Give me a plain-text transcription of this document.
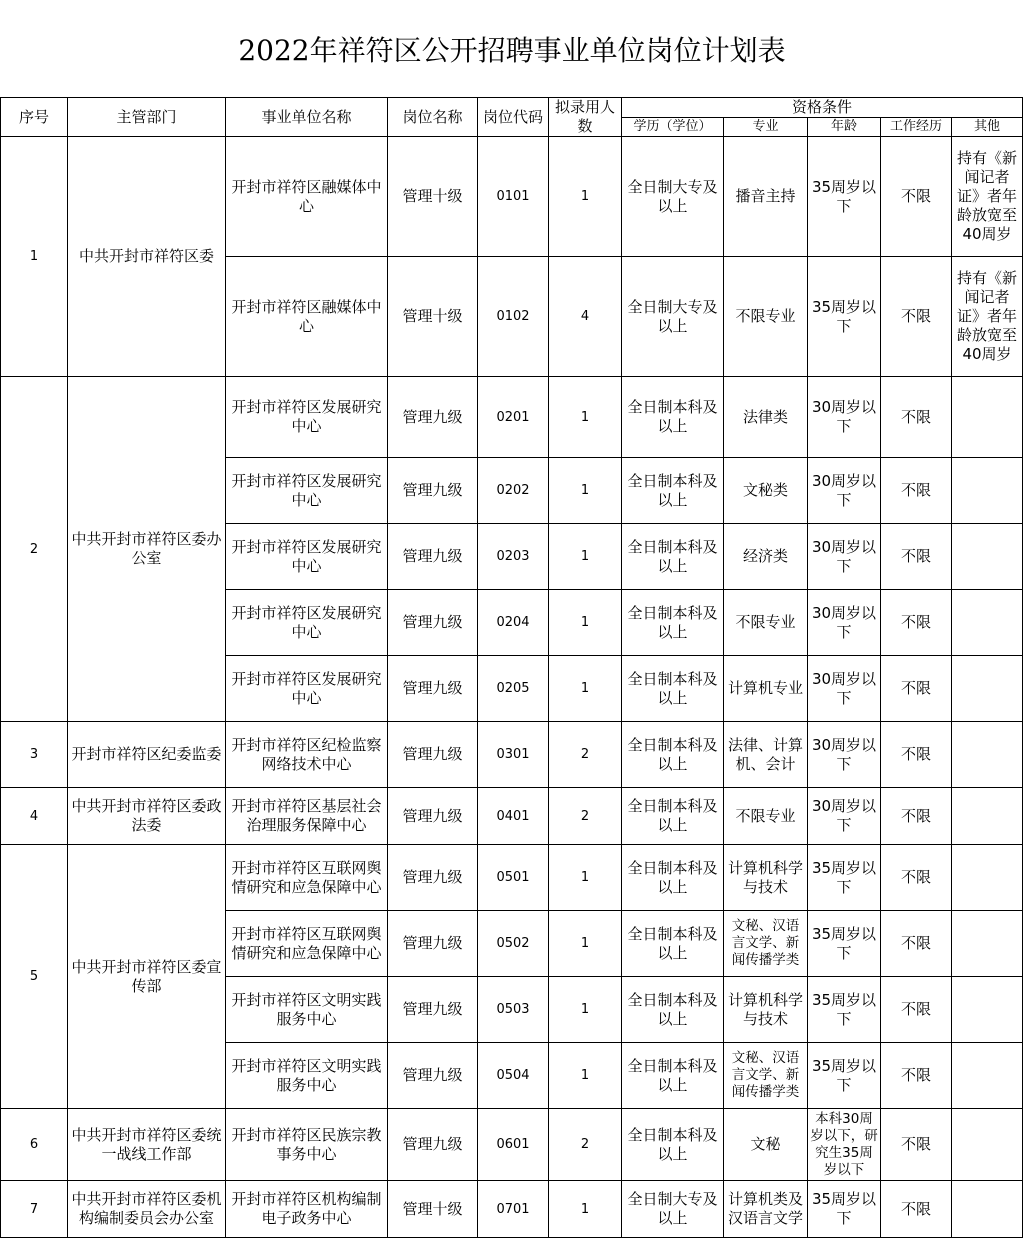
2022年祥符区公开招聘事业单位岗位计划表
序号	主管部门	事业单位名称	岗位名称	岗位代码	拟录用人数	资格条件				
						学历（学位）	专业	年龄	工作经历	其他
1	中共开封市祥符区委	开封市祥符区融媒体中心	管理十级	0101	1	全日制大专及以上	播音主持	35周岁以下	不限	持有《新闻记者证》者年龄放宽至40周岁
		开封市祥符区融媒体中心	管理十级	0102	4	全日制大专及以上	不限专业	35周岁以下	不限	持有《新闻记者证》者年龄放宽至40周岁
2	中共开封市祥符区委办公室	开封市祥符区发展研究中心	管理九级	0201	1	全日制本科及以上	法律类	30周岁以下	不限	
		开封市祥符区发展研究中心	管理九级	0202	1	全日制本科及以上	文秘类	30周岁以下	不限	
		开封市祥符区发展研究中心	管理九级	0203	1	全日制本科及以上	经济类	30周岁以下	不限	
		开封市祥符区发展研究中心	管理九级	0204	1	全日制本科及以上	不限专业	30周岁以下	不限	
		开封市祥符区发展研究中心	管理九级	0205	1	全日制本科及以上	计算机专业	30周岁以下	不限	
3	开封市祥符区纪委监委	开封市祥符区纪检监察网络技术中心	管理九级	0301	2	全日制本科及以上	法律、计算机、会计	30周岁以下	不限	
4	中共开封市祥符区委政法委	开封市祥符区基层社会治理服务保障中心	管理九级	0401	2	全日制本科及以上	不限专业	30周岁以下	不限	
5	中共开封市祥符区委宣传部	开封市祥符区互联网舆情研究和应急保障中心	管理九级	0501	1	全日制本科及以上	计算机科学与技术	35周岁以下	不限	
		开封市祥符区互联网舆情研究和应急保障中心	管理九级	0502	1	全日制本科及以上	文秘、汉语言文学、新闻传播学类	35周岁以下	不限	
		开封市祥符区文明实践服务中心	管理九级	0503	1	全日制本科及以上	计算机科学与技术	35周岁以下	不限	
		开封市祥符区文明实践服务中心	管理九级	0504	1	全日制本科及以上	文秘、汉语言文学、新闻传播学类	35周岁以下	不限	
6	中共开封市祥符区委统一战线工作部	开封市祥符区民族宗教事务中心	管理九级	0601	2	全日制本科及以上	文秘	本科30周岁以下，研究生35周岁以下	不限	
7	中共开封市祥符区委机构编制委员会办公室	开封市祥符区机构编制电子政务中心	管理十级	0701	1	全日制大专及以上	计算机类及汉语言文学	35周岁以下	不限	
